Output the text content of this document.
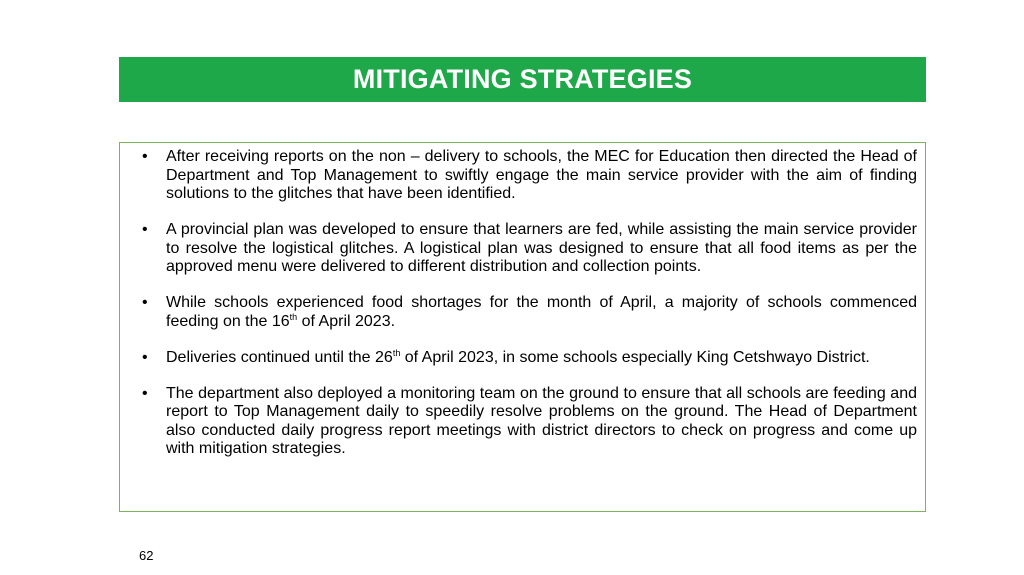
MITIGATING STRATEGIES
• After receiving reports on the non – delivery to schools, the MEC for Education then directed the Head of Department and Top Management to swiftly engage the main service provider with the aim of finding solutions to the glitches that have been identified.
• A provincial plan was developed to ensure that learners are fed, while assisting the main service provider to resolve the logistical glitches. A logistical plan was designed to ensure that all food items as per the approved menu were delivered to different distribution and collection points.
• While schools experienced food shortages for the month of April, a majority of schools commenced feeding on the 16th of April 2023.
• Deliveries continued until the 26th of April 2023, in some schools especially King Cetshwayo District.
• The department also deployed a monitoring team on the ground to ensure that all schools are feeding and report to Top Management daily to speedily resolve problems on the ground. The Head of Department also conducted daily progress report meetings with district directors to check on progress and come up with mitigation strategies.
62
